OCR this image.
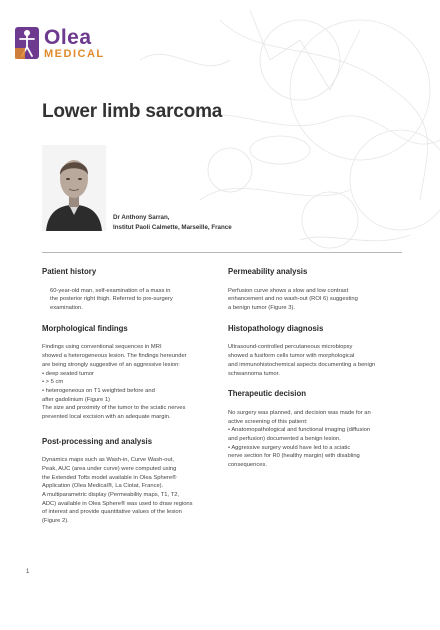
Olea
MEDICAL
Lower limb sarcoma
Dr Anthony Sarran,
Institut Paoli Calmette, Marseille, France
Patient history

60-year-old man, self-examination of a mass in
the posterior right thigh. Referred to pre-surgery
examination.

Morphological findings

Findings using conventional sequences in MRI
showed a heterogeneous lesion. The findings hereunder
are being strongly suggestive of an aggressive lesion:
• deep seated tumor
• > 5 cm
• heterogeneous on T1 weighted before and
after gadolinium (Figure 1)
The size and proximity of the tumor to the sciatic nerves
prevented local excision with an adequate margin.

Post-processing and analysis

Dynamics maps such as Wash-in, Curve Wash-out,
Peak, AUC (area under curve) were computed using
the Extended Tofts model available in Olea Sphere®
Application (Olea Medical®, La Ciotat, France).
A multiparametric display (Permeability maps, T1, T2,
ADC) available in Olea Sphere® was used to draw regions
of interest and provide quantitative values of the lesion
(Figure 2).

Permeability analysis

Perfusion curve shows a slow and low contrast
enhancement and no wash-out (ROI 6) suggesting
a benign tumor (Figure 3).

Histopathology diagnosis

Ultrasound-controlled percutaneous microbiopsy
showed a fusiform cells tumor with morphological
and immunohistochemical aspects documenting a benign
schwannoma tumor.

Therapeutic decision

No surgery was planned, and decision was made for an
active screening of this patient:
• Anatomopathological and functional imaging (diffusion
and perfusion) documented a benign lesion.
• Aggressive surgery would have led to a sciatic
nerve section for R0 (healthy margin) with disabling
consequences.

1
